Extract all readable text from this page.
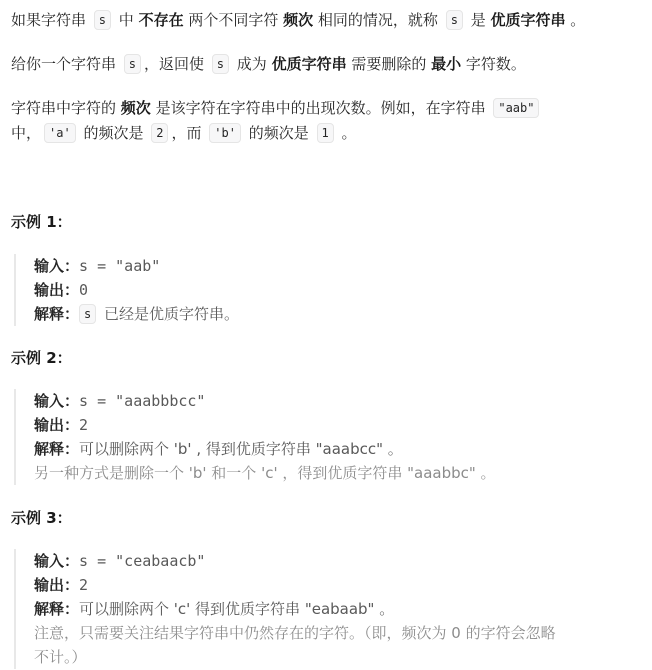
如果字符串 s 中 不存在 两个不同字符 频次 相同的情况，就称 s 是 优质字符串 。
给你一个字符串 s ，返回使 s 成为 优质字符串 需要删除的 最小 字符数。
字符串中字符的 频次 是该字符在字符串中的出现次数。例如，在字符串 "aab"
中， 'a' 的频次是 2 ，而 'b' 的频次是 1 。
示例 1：
输入：s = "aab"
输出：0
解释： s 已经是优质字符串。
示例 2：
输入：s = "aaabbbcc"
输出：2
解释：可以删除两个 'b' , 得到优质字符串 "aaabcc" 。
另一种方式是删除一个 'b' 和一个 'c' ，得到优质字符串 "aaabbc" 。
示例 3：
输入：s = "ceabaacb"
输出：2
解释：可以删除两个 'c' 得到优质字符串 "eabaab" 。
注意，只需要关注结果字符串中仍然存在的字符。（即，频次为 0 的字符会忽略
不计。）
